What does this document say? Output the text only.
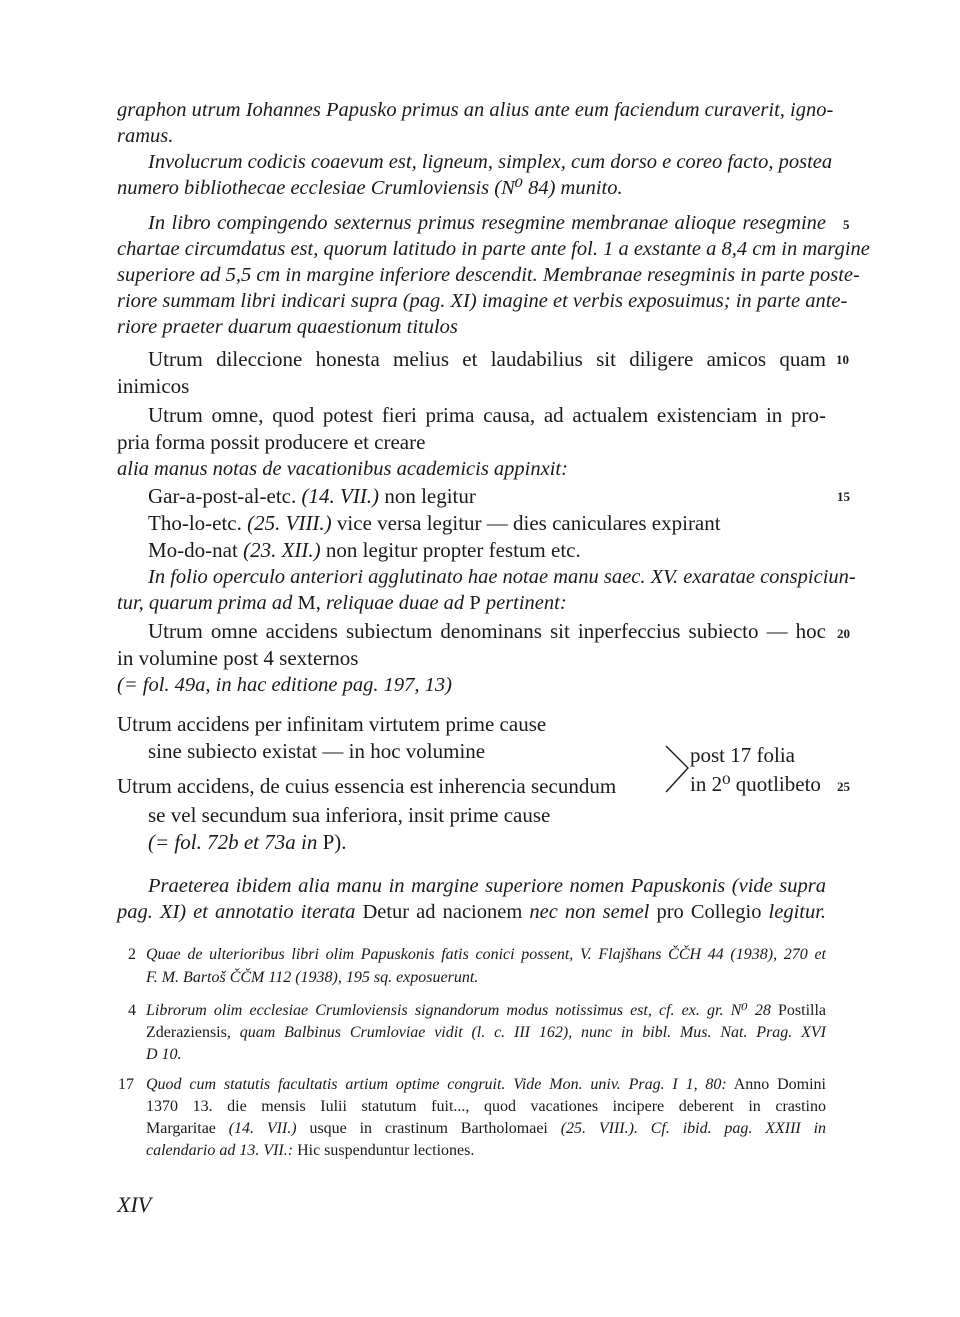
graphon utrum Iohannes Papusko primus an alius ante eum faciendum curaverit, igno-
ramus.
Involucrum codicis coaevum est, ligneum, simplex, cum dorso e coreo facto, postea
numero bibliothecae ecclesiae Crumloviensis (N⁰ 84) munito.
In libro compingendo sexternus primus resegmine membranae alioque resegmine
chartae circumdatus est, quorum latitudo in parte ante fol. 1 a exstante a 8,4 cm in margine
superiore ad 5,5 cm in margine inferiore descendit. Membranae resegminis in parte poste-
riore summam libri indicari supra (pag. XI) imagine et verbis exposuimus; in parte ante-
riore praeter duarum quaestionum titulos
Utrum dileccione honesta melius et laudabilius sit diligere amicos quam
inimicos
Utrum omne, quod potest fieri prima causa, ad actualem existenciam in pro-
pria forma possit producere et creare
alia manus notas de vacationibus academicis appinxit:
Gar-a-post-al-etc. (14. VII.) non legitur
Tho-lo-etc. (25. VIII.) vice versa legitur — dies caniculares expirant
Mo-do-nat (23. XII.) non legitur propter festum etc.
In folio operculo anteriori agglutinato hae notae manu saec. XV. exaratae conspiciun-
tur, quarum prima ad M, reliquae duae ad P pertinent:
Utrum omne accidens subiectum denominans sit inperfeccius subiecto — hoc
in volumine post 4 sexternos
(= fol. 49a, in hac editione pag. 197, 13)
Utrum accidens per infinitam virtutem prime cause
sine subiecto existat — in hoc volumine
Utrum accidens, de cuius essencia est inherencia secundum
se vel secundum sua inferiora, insit prime cause
(= fol. 72b et 73a in P).
post 17 folia
in 2⁰ quotlibeto
Praeterea ibidem alia manu in margine superiore nomen Papuskonis (vide supra
pag. XI) et annotatio iterata Detur ad nacionem nec non semel pro Collegio legitur.
5
10
15
20
25
2 Quae de ulterioribus libri olim Papuskonis fatis conici possent, V. Flajšhans ČČH 44 (1938), 270 et
F. M. Bartoš ČČM 112 (1938), 195 sq. exposuerunt.
4 Librorum olim ecclesiae Crumloviensis signandorum modus notissimus est, cf. ex. gr. N⁰ 28 Postilla
Zderaziensis, quam Balbinus Crumloviae vidit (l. c. III 162), nunc in bibl. Mus. Nat. Prag. XVI
D 10.
17 Quod cum statutis facultatis artium optime congruit. Vide Mon. univ. Prag. I 1, 80: Anno Domini
1370 13. die mensis Iulii statutum fuit..., quod vacationes incipere deberent in crastino
Margaritae (14. VII.) usque in crastinum Bartholomaei (25. VIII.). Cf. ibid. pag. XXIII in
calendario ad 13. VII.: Hic suspenduntur lectiones.
XIV
